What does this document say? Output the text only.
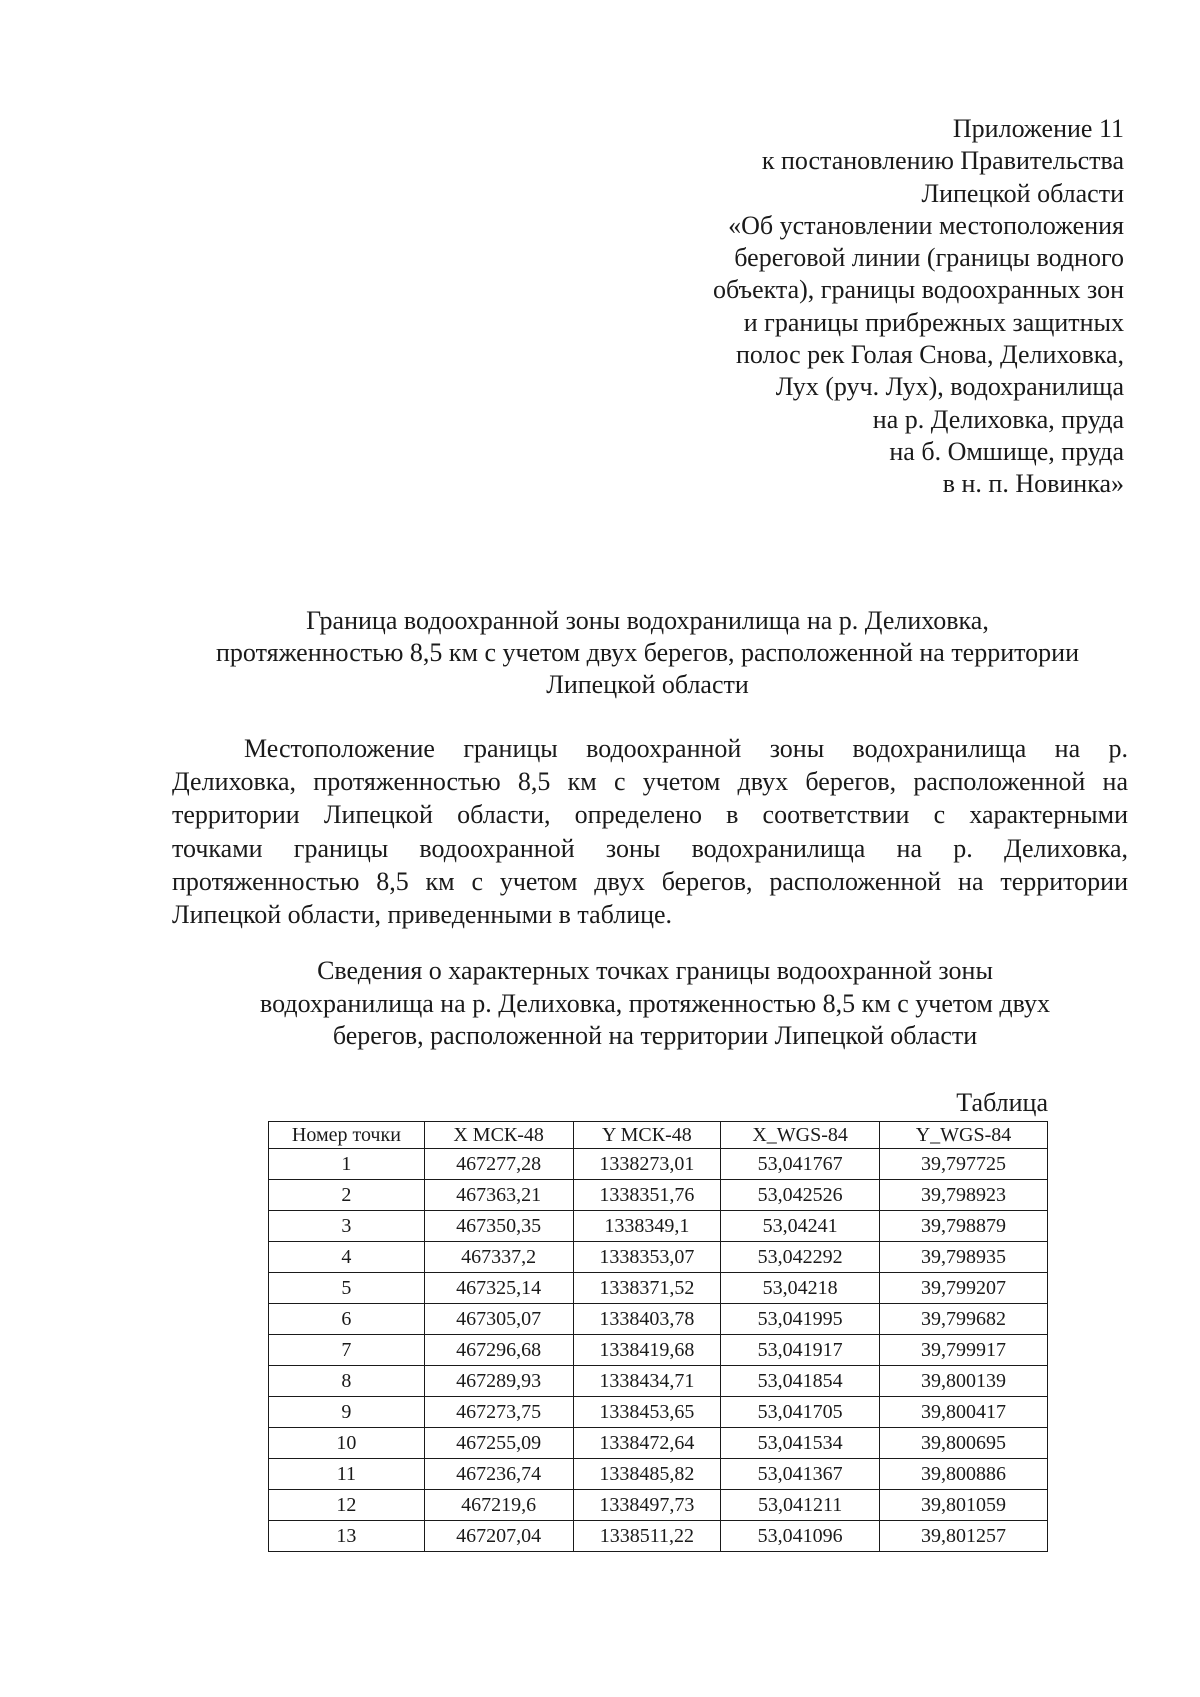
Приложение 11
к постановлению Правительства
Липецкой области
«Об установлении местоположения
береговой линии (границы водного
объекта), границы водоохранных зон
и границы прибрежных защитных
полос рек Голая Снова, Делиховка,
Лух (руч. Лух), водохранилища
на р. Делиховка, пруда
на б. Омшище, пруда
в н. п. Новинка»
Граница водоохранной зоны водохранилища на р. Делиховка,
протяженностью 8,5 км с учетом двух берегов, расположенной на территории
Липецкой области

Местоположение границы водоохранной зоны водохранилища на р.
Делиховка, протяженностью 8,5 км с учетом двух берегов, расположенной на
территории Липецкой области, определено в соответствии с характерными
точками границы водоохранной зоны водохранилища на р. Делиховка,
протяженностью 8,5 км с учетом двух берегов, расположенной на территории
Липецкой области, приведенными в таблице.

Сведения о характерных точках границы водоохранной зоны
водохранилища на р. Делиховка, протяженностью 8,5 км с учетом двух
берегов, расположенной на территории Липецкой области
Таблица
Номер точки	X МСК-48	Y МСК-48	X_WGS-84	Y_WGS-84
1	467277,28	1338273,01	53,041767	39,797725
2	467363,21	1338351,76	53,042526	39,798923
3	467350,35	1338349,1	53,04241	39,798879
4	467337,2	1338353,07	53,042292	39,798935
5	467325,14	1338371,52	53,04218	39,799207
6	467305,07	1338403,78	53,041995	39,799682
7	467296,68	1338419,68	53,041917	39,799917
8	467289,93	1338434,71	53,041854	39,800139
9	467273,75	1338453,65	53,041705	39,800417
10	467255,09	1338472,64	53,041534	39,800695
11	467236,74	1338485,82	53,041367	39,800886
12	467219,6	1338497,73	53,041211	39,801059
13	467207,04	1338511,22	53,041096	39,801257
